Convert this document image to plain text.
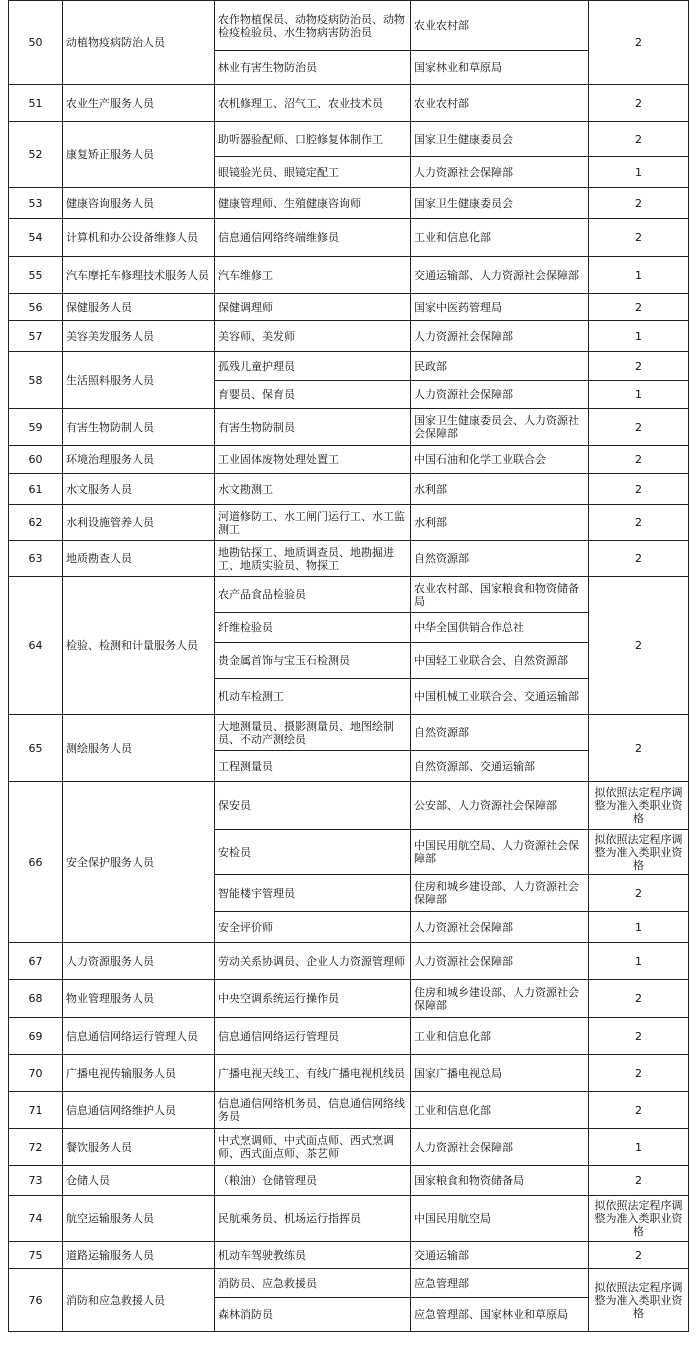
50	动植物疫病防治人员	农作物植保员、动物疫病防治员、动物检疫检验员、水生物病害防治员	农业农村部	2
		林业有害生物防治员	国家林业和草原局	
51	农业生产服务人员	农机修理工、沼气工、农业技术员	农业农村部	2
52	康复矫正服务人员	助听器验配师、口腔修复体制作工	国家卫生健康委员会	2
		眼镜验光员、眼镜定配工	人力资源社会保障部	1
53	健康咨询服务人员	健康管理师、生殖健康咨询师	国家卫生健康委员会	2
54	计算机和办公设备维修人员	信息通信网络终端维修员	工业和信息化部	2
55	汽车摩托车修理技术服务人员	汽车维修工	交通运输部、人力资源社会保障部	1
56	保健服务人员	保健调理师	国家中医药管理局	2
57	美容美发服务人员	美容师、美发师	人力资源社会保障部	1
58	生活照料服务人员	孤残儿童护理员	民政部	2
		育婴员、保育员	人力资源社会保障部	1
59	有害生物防制人员	有害生物防制员	国家卫生健康委员会、人力资源社会保障部	2
60	环境治理服务人员	工业固体废物处理处置工	中国石油和化学工业联合会	2
61	水文服务人员	水文勘测工	水利部	2
62	水利设施管养人员	河道修防工、水工闸门运行工、水工监测工	水利部	2
63	地质勘查人员	地勘钻探工、地质调查员、地勘掘进工、地质实验员、物探工	自然资源部	2
64	检验、检测和计量服务人员	农产品食品检验员	农业农村部、国家粮食和物资储备局	2
		纤维检验员	中华全国供销合作总社	
		贵金属首饰与宝玉石检测员	中国轻工业联合会、自然资源部	
		机动车检测工	中国机械工业联合会、交通运输部	
65	测绘服务人员	大地测量员、摄影测量员、地图绘制员、不动产测绘员	自然资源部	2
		工程测量员	自然资源部、交通运输部	
66	安全保护服务人员	保安员	公安部、人力资源社会保障部	拟依照法定程序调整为准入类职业资格
		安检员	中国民用航空局、人力资源社会保障部	拟依照法定程序调整为准入类职业资格
		智能楼宇管理员	住房和城乡建设部、人力资源社会保障部	2
		安全评价师	人力资源社会保障部	1
67	人力资源服务人员	劳动关系协调员、企业人力资源管理师	人力资源社会保障部	1
68	物业管理服务人员	中央空调系统运行操作员	住房和城乡建设部、人力资源社会保障部	2
69	信息通信网络运行管理人员	信息通信网络运行管理员	工业和信息化部	2
70	广播电视传输服务人员	广播电视天线工、有线广播电视机线员	国家广播电视总局	2
71	信息通信网络维护人员	信息通信网络机务员、信息通信网络线务员	工业和信息化部	2
72	餐饮服务人员	中式烹调师、中式面点师、西式烹调师、西式面点师、茶艺师	人力资源社会保障部	1
73	仓储人员	（粮油）仓储管理员	国家粮食和物资储备局	2
74	航空运输服务人员	民航乘务员、机场运行指挥员	中国民用航空局	拟依照法定程序调整为准入类职业资格
75	道路运输服务人员	机动车驾驶教练员	交通运输部	2
76	消防和应急救援人员	消防员、应急救援员	应急管理部	拟依照法定程序调整为准入类职业资格
		森林消防员	应急管理部、国家林业和草原局	
